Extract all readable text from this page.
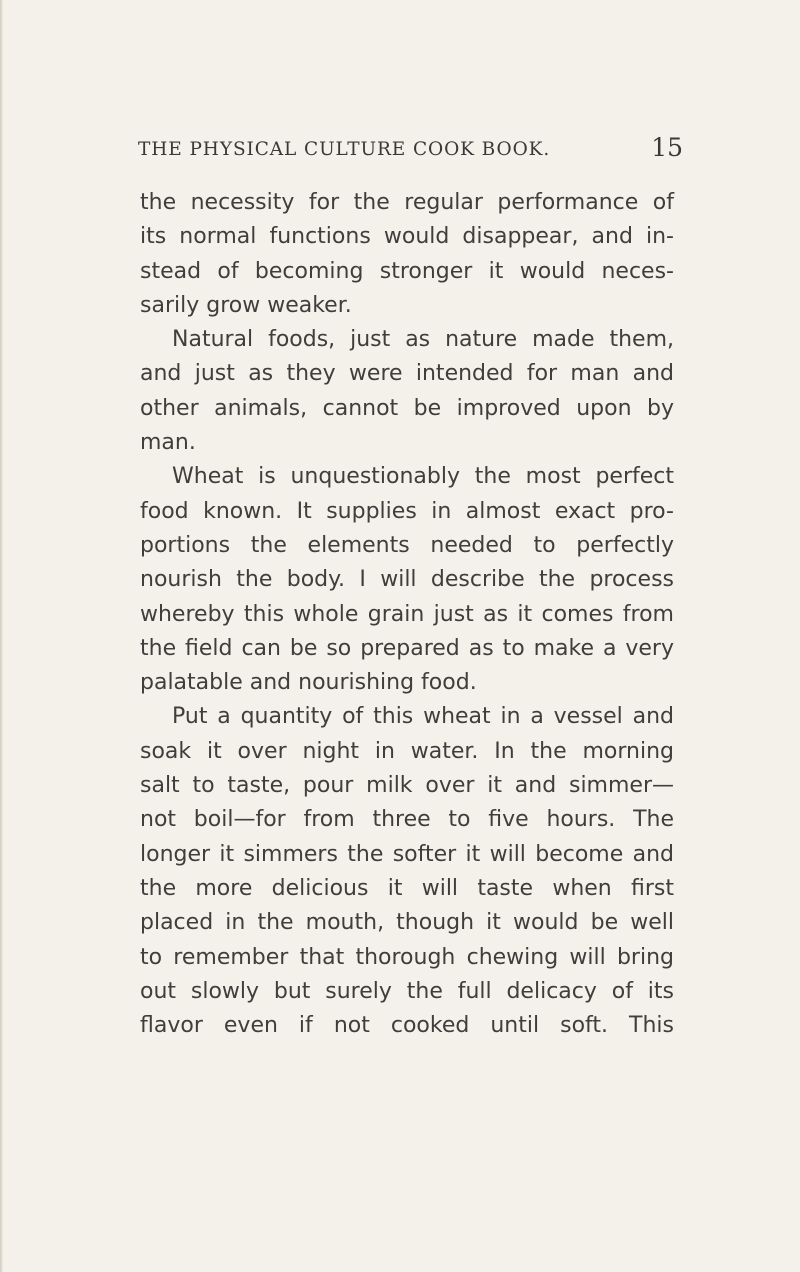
THE PHYSICAL CULTURE COOK BOOK.	15

the necessity for the regular performance of

its normal functions would disappear, and in-

stead of becoming stronger it would neces-

sarily grow weaker.

Natural foods, just as nature made them,

and just as they were intended for man and

other animals, cannot be improved upon by

man.

Wheat is unquestionably the most perfect

food known. It supplies in almost exact pro-

portions the elements needed to perfectly

nourish the body. I will describe the process

whereby this whole grain just as it comes from

the field can be so prepared as to make a very

palatable and nourishing food.

Put a quantity of this wheat in a vessel and

soak it over night in water. In the morning

salt to taste, pour milk over it and simmer—

not boil—for from three to five hours. The

longer it simmers the softer it will become and

the more delicious it will taste when first

placed in the mouth, though it would be well

to remember that thorough chewing will bring

out slowly but surely the full delicacy of its

flavor even if not cooked until soft. This
